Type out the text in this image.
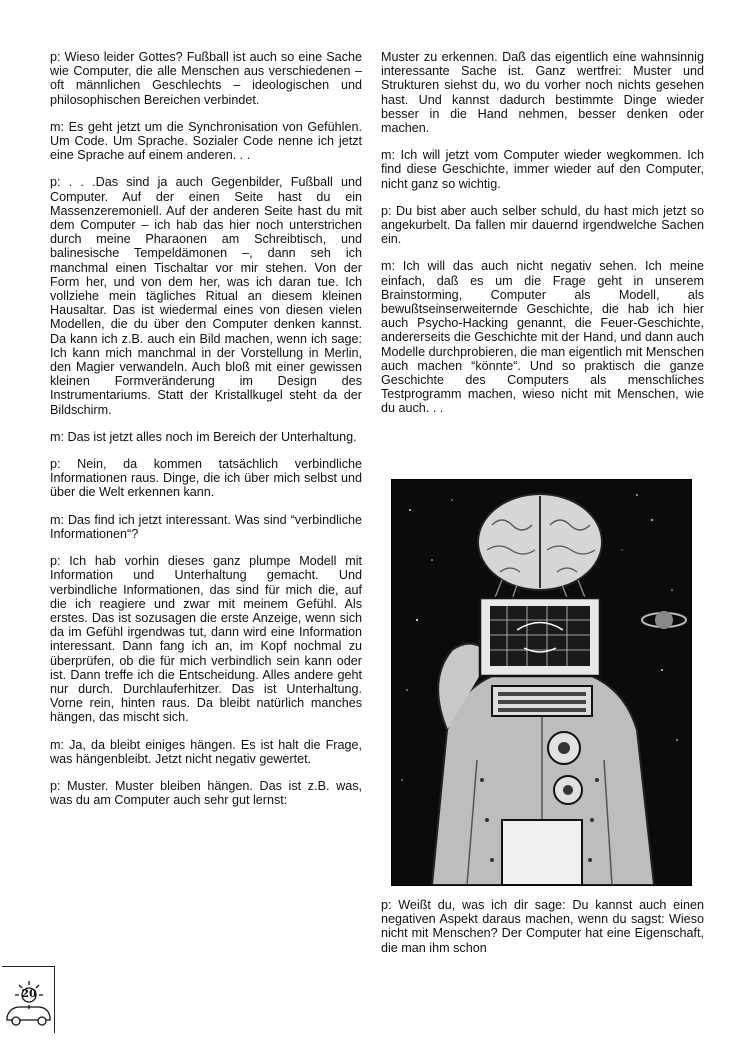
p: Wieso leider Gottes? Fußball ist auch so eine Sache wie Computer, die alle Menschen aus verschiedenen – oft männlichen Geschlechts – ideologischen und philosophischen Bereichen verbindet.

m: Es geht jetzt um die Synchronisation von Gefühlen. Um Code. Um Sprache. Sozialer Code nenne ich jetzt eine Sprache auf einem anderen. . .

p: . . .Das sind ja auch Gegenbilder, Fußball und Computer. Auf der einen Seite hast du ein Massenzeremoniell. Auf der anderen Seite hast du mit dem Computer – ich hab das hier noch unterstrichen durch meine Pharaonen am Schreibtisch, und balinesische Tempeldämonen –, dann seh ich manchmal einen Tischaltar vor mir stehen. Von der Form her, und von dem her, was ich daran tue. Ich vollziehe mein tägliches Ritual an diesem kleinen Hausaltar. Das ist wiedermal eines von diesen vielen Modellen, die du über den Computer denken kannst. Da kann ich z.B. auch ein Bild machen, wenn ich sage: Ich kann mich manchmal in der Vorstellung in Merlin, den Magier verwandeln. Auch bloß mit einer gewissen kleinen Formveränderung im Design des Instrumentariums. Statt der Kristallkugel steht da der Bildschirm.

m: Das ist jetzt alles noch im Bereich der Unterhaltung.

p: Nein, da kommen tatsächlich verbindliche Informationen raus. Dinge, die ich über mich selbst und über die Welt erkennen kann.

m: Das find ich jetzt interessant. Was sind “verbindliche Informationen“?

p: Ich hab vorhin dieses ganz plumpe Modell mit Information und Unterhaltung gemacht. Und verbindliche Informationen, das sind für mich die, auf die ich reagiere und zwar mit meinem Gefühl. Als erstes. Das ist sozusagen die erste Anzeige, wenn sich da im Gefühl irgendwas tut, dann wird eine Information interessant. Dann fang ich an, im Kopf nochmal zu überprüfen, ob die für mich verbindlich sein kann oder ist. Dann treffe ich die Entscheidung. Alles andere geht nur durch. Durchlauferhitzer. Das ist Unterhaltung. Vorne rein, hinten raus. Da bleibt natürlich manches hängen, das mischt sich.

m: Ja, da bleibt einiges hängen. Es ist halt die Frage, was hängenbleibt. Jetzt nicht negativ gewertet.

p: Muster. Muster bleiben hängen. Das ist z.B. was, was du am Computer auch sehr gut lernst:

Muster zu erkennen. Daß das eigentlich eine wahnsinnig interessante Sache ist. Ganz wertfrei: Muster und Strukturen siehst du, wo du vorher noch nichts gesehen hast. Und kannst dadurch bestimmte Dinge wieder besser in die Hand nehmen, besser denken oder machen.

m: Ich will jetzt vom Computer wieder wegkommen. Ich find diese Geschichte, immer wieder auf den Computer, nicht ganz so wichtig.

p: Du bist aber auch selber schuld, du hast mich jetzt so angekurbelt. Da fallen mir dauernd irgendwelche Sachen ein.

m: Ich will das auch nicht negativ sehen. Ich meine einfach, daß es um die Frage geht in unserem Brainstorming, Computer als Modell, als bewußtseinserweiternde Geschichte, die hab ich hier auch Psycho-Hacking genannt, die Feuer-Geschichte, andererseits die Geschichte mit der Hand, und dann auch Modelle durchprobieren, die man eigentlich mit Menschen auch machen “könnte“. Und so praktisch die ganze Geschichte des Computers als menschliches Testprogramm machen, wieso nicht mit Menschen, wie du auch. . .

p: Weißt du, was ich dir sage: Du kannst auch einen negativen Aspekt daraus machen, wenn du sagst: Wieso nicht mit Menschen? Der Computer hat eine Eigenschaft, die man ihm schon

20
